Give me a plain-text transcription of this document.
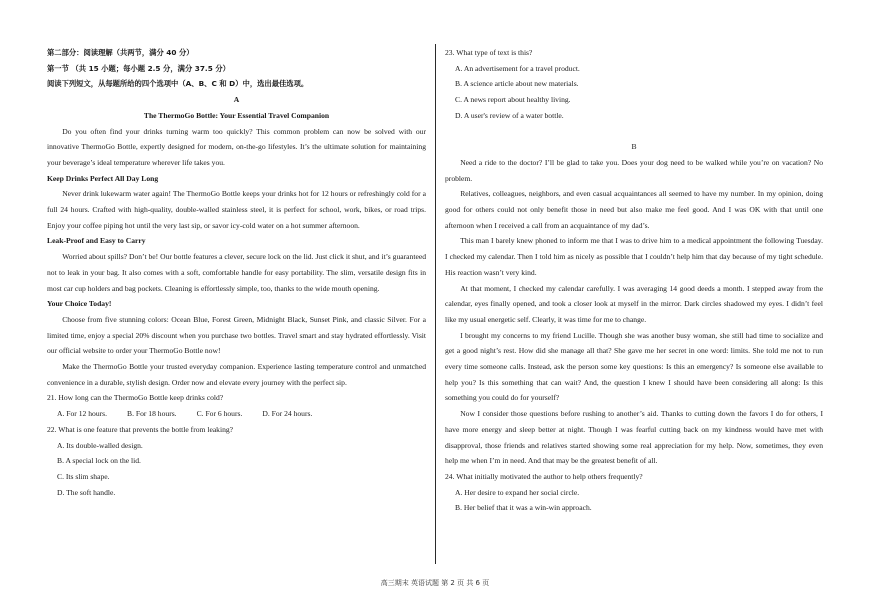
第二部分：阅读理解（共两节，满分 40 分）

第一节 （共 15 小题；每小题 2.5 分，满分 37.5 分）

阅读下列短文，从每题所给的四个选项中（A、B、C 和 D）中，选出最佳选项。

A

The ThermoGo Bottle: Your Essential Travel Companion

Do you often find your drinks turning warm too quickly? This common problem can now be solved with our innovative ThermoGo Bottle, expertly designed for modern, on-the-go lifestyles. It’s the ultimate solution for maintaining your beverage’s ideal temperature wherever life takes you.

Keep Drinks Perfect All Day Long

Never drink lukewarm water again! The ThermoGo Bottle keeps your drinks hot for 12 hours or refreshingly cold for a full 24 hours. Crafted with high-quality, double-walled stainless steel, it is perfect for school, work, bikes, or road trips. Enjoy your coffee piping hot until the very last sip, or savor icy-cold water on a hot summer afternoon.

Leak-Proof and Easy to Carry

Worried about spills? Don’t be! Our bottle features a clever, secure lock on the lid. Just click it shut, and it’s guaranteed not to leak in your bag. It also comes with a soft, comfortable handle for easy portability. The slim, versatile design fits in most car cup holders and bag pockets. Cleaning is effortlessly simple, too, thanks to the wide mouth opening.

Your Choice Today!

Choose from five stunning colors: Ocean Blue, Forest Green, Midnight Black, Sunset Pink, and classic Silver. For a limited time, enjoy a special 20% discount when you purchase two bottles. Travel smart and stay hydrated effortlessly. Visit our official website to order your ThermoGo Bottle now!

Make the ThermoGo Bottle your trusted everyday companion. Experience lasting temperature control and unmatched convenience in a durable, stylish design. Order now and elevate every journey with the perfect sip.

21. How long can the ThermoGo Bottle keep drinks cold?

A. For 12 hours.	B. For 18 hours.	C. For 6 hours.	D. For 24 hours.

22. What is one feature that prevents the bottle from leaking?

A. Its double-walled design.

B. A special lock on the lid.

C. Its slim shape.

D. The soft handle.

23. What type of text is this?

A. An advertisement for a travel product.

B. A science article about new materials.

C. A news report about healthy living.

D. A user's review of a water bottle.

B

Need a ride to the doctor? I’ll be glad to take you. Does your dog need to be walked while you’re on vacation? No problem.

Relatives, colleagues, neighbors, and even casual acquaintances all seemed to have my number. In my opinion, doing good for others could not only benefit those in need but also make me feel good. And I was OK with that until one afternoon when I received a call from an acquaintance of my dad’s.

This man I barely knew phoned to inform me that I was to drive him to a medical appointment the following Tuesday. I checked my calendar. Then I told him as nicely as possible that I couldn’t help him that day because of my tight schedule. His reaction wasn’t very kind.

At that moment, I checked my calendar carefully. I was averaging 14 good deeds a month. I stepped away from the calendar, eyes finally opened, and took a closer look at myself in the mirror. Dark circles shadowed my eyes. I didn’t feel like my usual energetic self. Clearly, it was time for me to change.

I brought my concerns to my friend Lucille. Though she was another busy woman, she still had time to socialize and get a good night’s rest. How did she manage all that? She gave me her secret in one word: limits. She told me not to run every time someone calls. Instead, ask the person some key questions: Is this an emergency? Is someone else available to help you? Is this something that can wait? And, the question I knew I should have been considering all along: Is this something you could do for yourself?

Now I consider those questions before rushing to another’s aid. Thanks to cutting down the favors I do for others, I have more energy and sleep better at night. Though I was fearful cutting back on my kindness would have met with disapproval, those friends and relatives started showing some real appreciation for my help. Now, sometimes, they even help me when I’m in need. And that may be the greatest benefit of all.

24. What initially motivated the author to help others frequently?

A. Her desire to expand her social circle.

B. Her belief that it was a win-win approach.

高三期末 英语试题 第 2 页 共 6 页
